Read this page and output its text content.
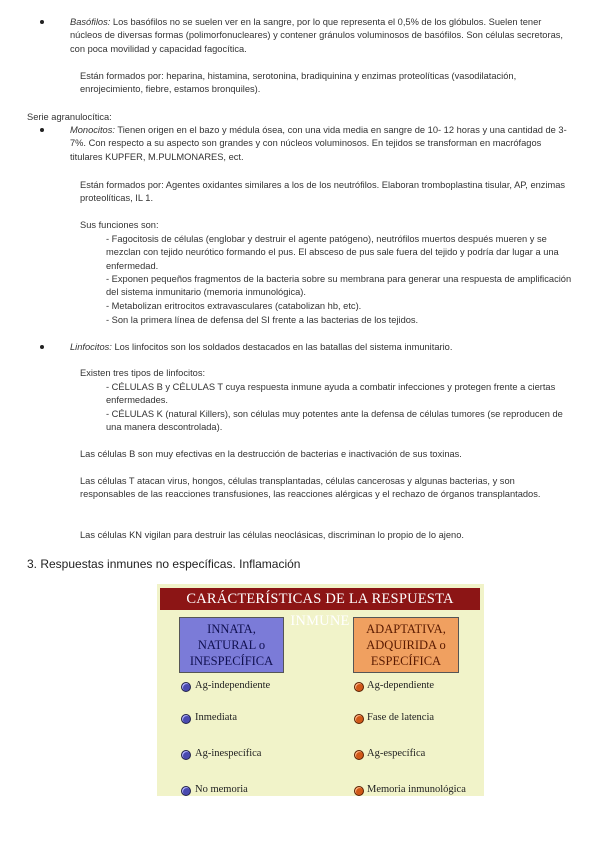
Basófilos: Los basófilos no se suelen ver en la sangre, por lo que representa el 0,5% de los glóbulos. Suelen tener núcleos de diversas formas (polimorfonucleares) y contener gránulos voluminosos de basófilos. Son células secretoras, con poca movilidad y capacidad fagocítica.
Están formados por: heparina, histamina, serotonina, bradiquinina y enzimas proteolíticas (vasodilatación, enrojecimiento, fiebre, estamos bronquiles).
Serie agranulocítica:
Monocitos: Tienen origen en el bazo y médula ósea, con una vida media en sangre de 10- 12 horas y una cantidad de 3-7%. Con respecto a su aspecto son grandes y con núcleos voluminosos. En tejidos se transforman en macrófagos titulares KUPFER, M.PULMONARES, ect.
Están formados por: Agentes oxidantes similares a los de los neutrófilos. Elaboran tromboplastina tisular, AP, enzimas proteolíticas, IL 1.
Sus funciones son:
- Fagocitosis de células (englobar y destruir el agente patógeno), neutrófilos muertos después mueren y se mezclan con tejido neurótico formando el pus. El absceso de pus sale fuera del tejido y podría dar lugar a una enfermedad.
- Exponen pequeños fragmentos de la bacteria sobre su membrana para generar una respuesta de amplificación del sistema inmunitario (memoria inmunológica).
- Metabolizan eritrocitos extravasculares (catabolizan hb, etc).
- Son la primera línea de defensa del SI frente a las bacterias de los tejidos.
Linfocitos: Los linfocitos son los soldados destacados en las batallas del sistema inmunitario.
Existen tres tipos de linfocitos:
- CÉLULAS B y CÉLULAS T cuya respuesta inmune ayuda a combatir infecciones y protegen frente a ciertas enfermedades.
- CÉLULAS K (natural Killers), son células muy potentes ante la defensa de células tumores (se reproducen de una manera descontrolada).
Las células B son muy efectivas en la destrucción de bacterias e inactivación de sus toxinas.
Las células T atacan virus, hongos, células transplantadas, células cancerosas y algunas bacterias, y son responsables de las reacciones transfusiones, las reacciones alérgicas y el rechazo de órganos transplantados.
Las células KN vigilan para destruir las células neoclásicas, discriminan lo propio de lo ajeno.
3. Respuestas inmunes no específicas. Inflamación
CARÁCTERÍSTICAS DE LA RESPUESTA INMUNE
INNATA, NATURAL o INESPECÍFICA
ADAPTATIVA, ADQUIRIDA o ESPECÍFICA
Ag-independiente
Inmediata
Ag-inespecífica
No memoria
Ag-dependiente
Fase de latencia
Ag-específica
Memoria inmunológica
